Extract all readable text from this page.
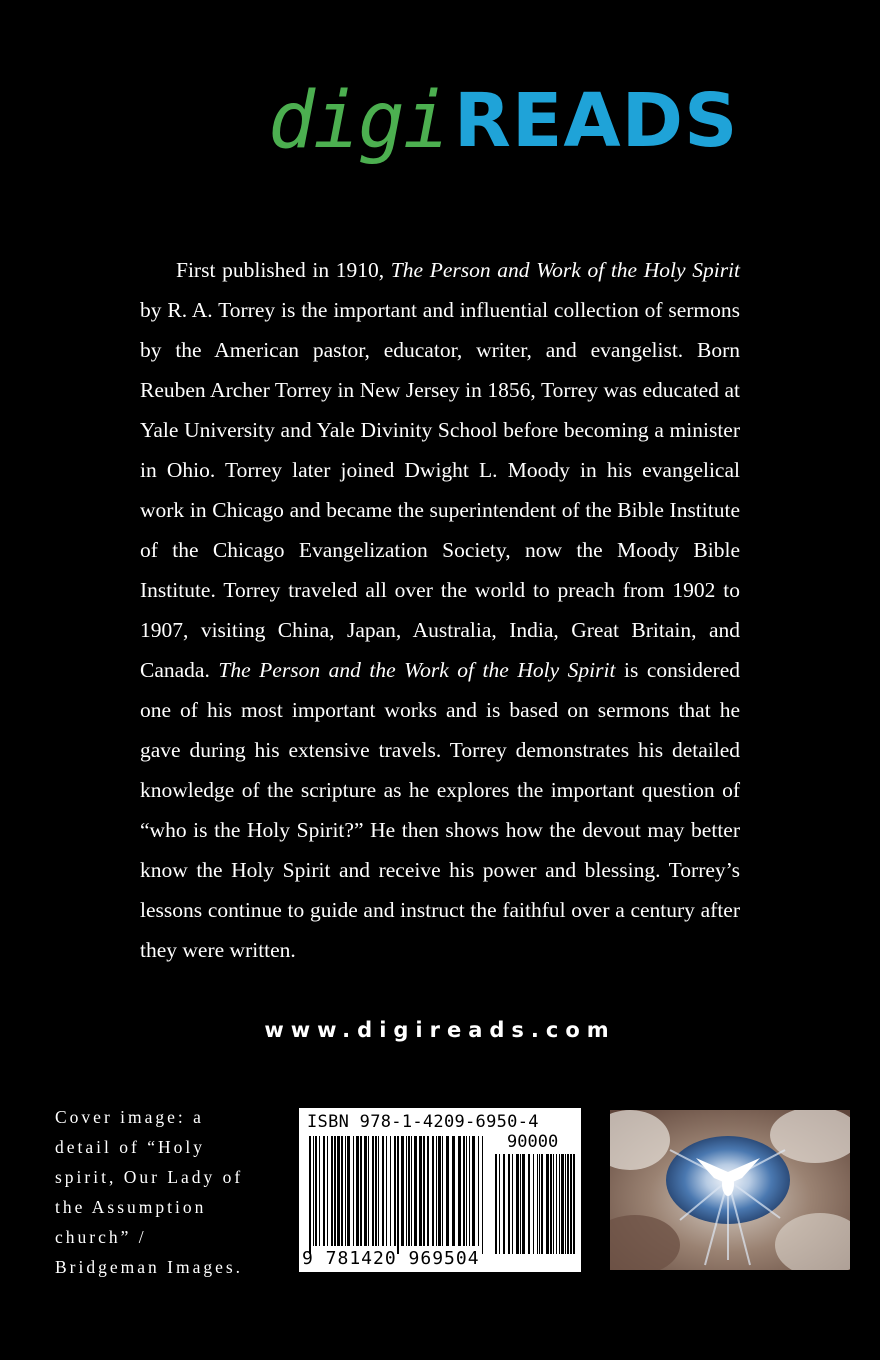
digi READS

First published in 1910, The Person and Work of the Holy Spirit by R. A. Torrey is the important and influential collection of sermons by the American pastor, educator, writer, and evangelist. Born Reuben Archer Torrey in New Jersey in 1856, Torrey was educated at Yale University and Yale Divinity School before becoming a minister in Ohio. Torrey later joined Dwight L. Moody in his evangelical work in Chicago and became the superintendent of the Bible Institute of the Chicago Evangelization Society, now the Moody Bible Institute. Torrey traveled all over the world to preach from 1902 to 1907, visiting China, Japan, Australia, India, Great Britain, and Canada. The Person and the Work of the Holy Spirit is considered one of his most important works and is based on sermons that he gave during his extensive travels. Torrey demonstrates his detailed knowledge of the scripture as he explores the important question of “who is the Holy Spirit?” He then shows how the devout may better know the Holy Spirit and receive his power and blessing. Torrey’s lessons continue to guide and instruct the faithful over a century after they were written.

www.digireads.com
Cover image: a
detail of “Holy
spirit, Our Lady of
the Assumption
church” /
Bridgeman Images.
ISBN 978-1-4209-6950-4
90000
9 781420 969504
